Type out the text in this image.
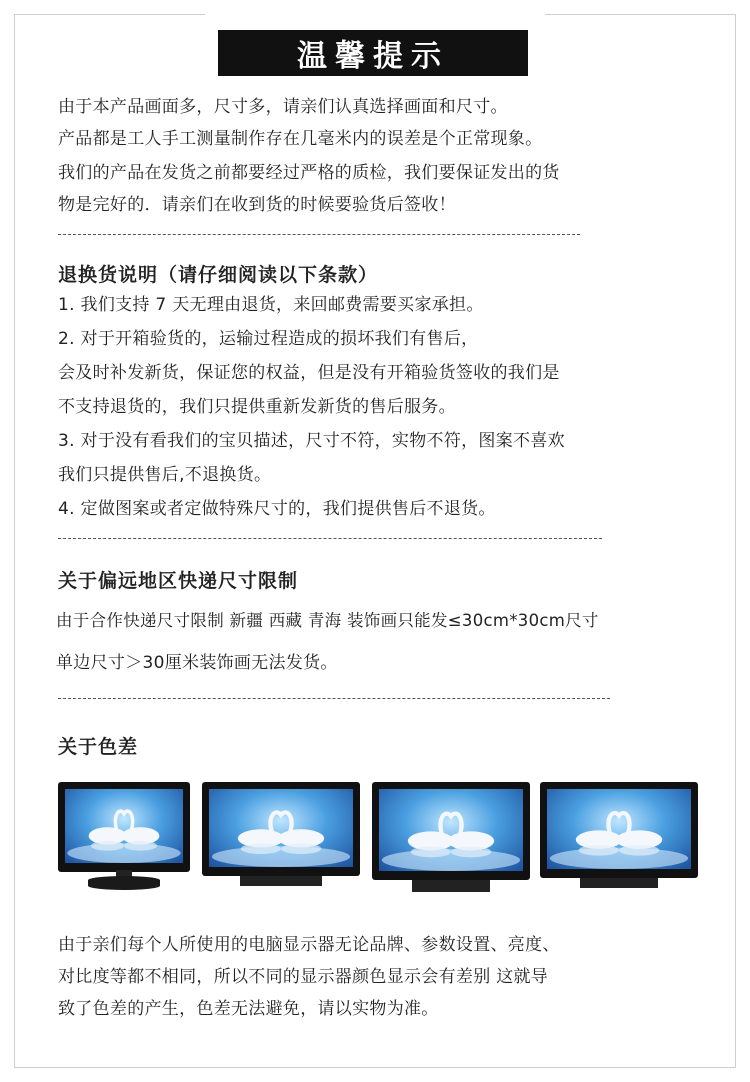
温馨提示
由于本产品画面多，尺寸多，请亲们认真选择画面和尺寸。
产品都是工人手工测量制作存在几毫米内的误差是个正常现象。
我们的产品在发货之前都要经过严格的质检，我们要保证发出的货
物是完好的．请亲们在收到货的时候要验货后签收！
退换货说明（请仔细阅读以下条款）
1. 我们支持 7 天无理由退货，来回邮费需要买家承担。
2. 对于开箱验货的，运输过程造成的损坏我们有售后，
会及时补发新货，保证您的权益，但是没有开箱验货签收的我们是
不支持退货的，我们只提供重新发新货的售后服务。
3. 对于没有看我们的宝贝描述，尺寸不符，实物不符，图案不喜欢
我们只提供售后,不退换货。
4. 定做图案或者定做特殊尺寸的，我们提供售后不退货。
关于偏远地区快递尺寸限制
由于合作快递尺寸限制 新疆 西藏 青海 装饰画只能发≤30cm*30cm尺寸
单边尺寸＞30厘米装饰画无法发货。
关于色差
由于亲们每个人所使用的电脑显示器无论品牌、参数设置、亮度、
对比度等都不相同，所以不同的显示器颜色显示会有差别 这就导
致了色差的产生，色差无法避免，请以实物为准。
